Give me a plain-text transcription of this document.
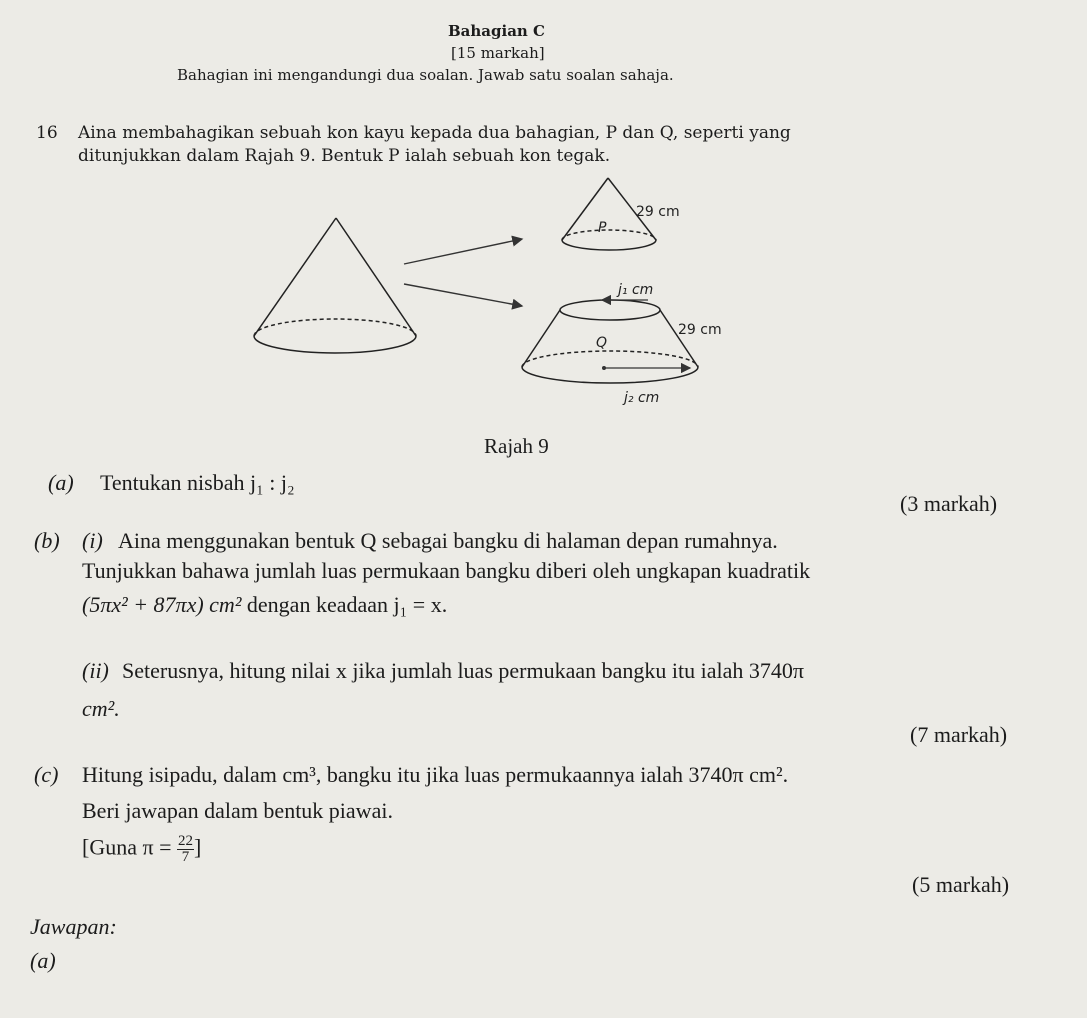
Bahagian C
[15 markah]
Bahagian ini mengandungi dua soalan. Jawab satu soalan sahaja.
16 Aina membahagikan sebuah kon kayu kepada dua bahagian, P dan Q, seperti yang
ditunjukkan dalam Rajah 9. Bentuk P ialah sebuah kon tegak.
P
29 cm
j₁ cm
Q
29 cm
j₂ cm
Rajah 9
(a) Tentukan nisbah j₁ : j₂
(3 markah)
(b) (i) Aina menggunakan bentuk Q sebagai bangku di halaman depan rumahnya.
Tunjukkan bahawa jumlah luas permukaan bangku diberi oleh ungkapan kuadratik
(5πx² + 87πx) cm² dengan keadaan j₁ = x.
(ii) Seterusnya, hitung nilai x jika jumlah luas permukaan bangku itu ialah 3740π
cm².
(7 markah)
(c) Hitung isipadu, dalam cm³, bangku itu jika luas permukaannya ialah 3740π cm².
Beri jawapan dalam bentuk piawai.
[Guna $\pi = \frac{22}{7}$ ]
(5 markah)
Jawapan:
(a)
